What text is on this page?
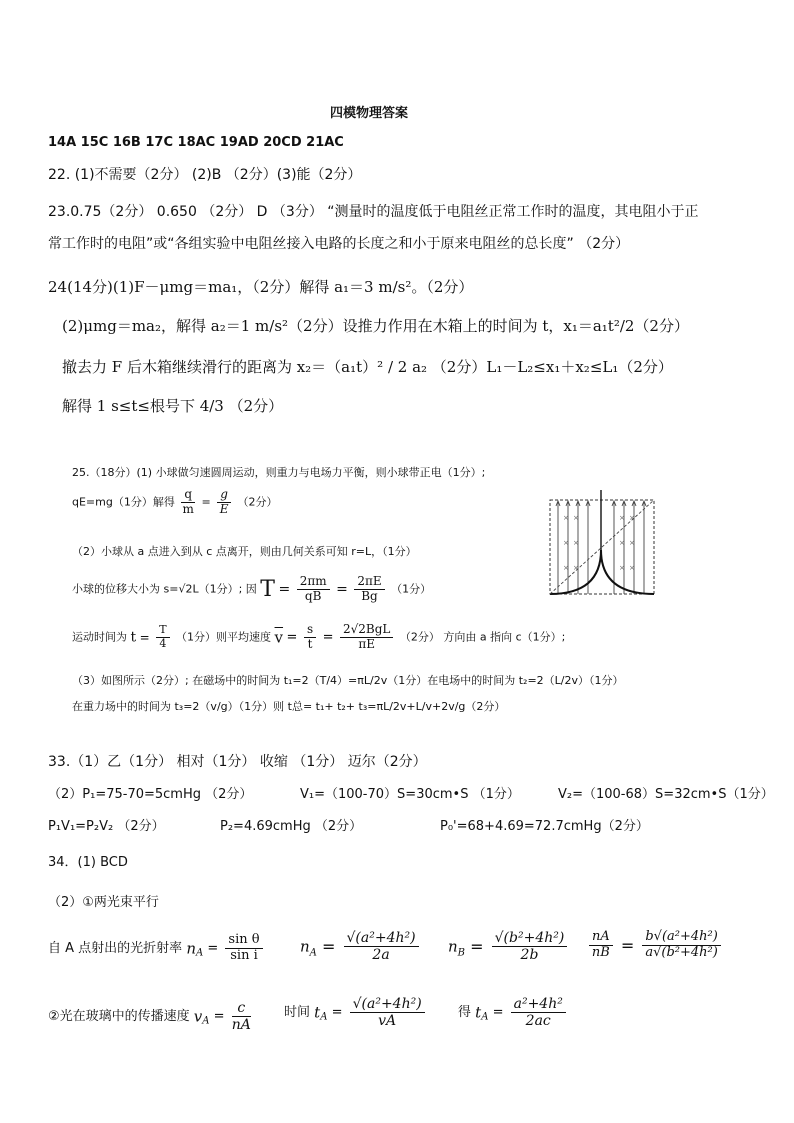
四模物理答案
14A 15C 16B 17C 18AC 19AD 20CD 21AC
22. (1)不需要（2分） (2)B （2分）(3)能（2分）
23.0.75（2分） 0.650 （2分） D （3分） “测量时的温度低于电阻丝正常工作时的温度，其电阻小于正
常工作时的电阻”或“各组实验中电阻丝接入电路的长度之和小于原来电阻丝的总长度” （2分）
24(14分)(1)F－μmg＝ma₁，（2分）解得 a₁＝3 m/s²。（2分）
(2)μmg＝ma₂，解得 a₂＝1 m/s²（2分）设推力作用在木箱上的时间为 t，x₁＝a₁t²/2（2分）
撤去力 F 后木箱继续滑行的距离为 x₂＝（a₁t）² / 2 a₂ （2分）L₁－L₂≤x₁＋x₂≤L₁（2分）
解得 1 s≤t≤根号下 4/3 （2分）
25.（18分）(1) 小球做匀速圆周运动，则重力与电场力平衡，则小球带正电（1分）;
qE=mg（1分）解得 $\frac{q}{m} = \frac{g}{E} (2$分）
（2）小球从 a 点进入到从 c 点离开，则由几何关系可知 r=L，（1分）
小球的位移大小为 s=√2L（1分）; 因 $T = \frac{2\pi m}{qB} = \frac{2\pi E}{Bg} (1$分）
运动时间为 $t = \frac{T}{4} (1$分）则平均速度 $\overline{v} = \frac{s}{t}$ =
2√2BgL
πE	（2分） 方向由 a 指向 c（1分）;
（3）如图所示（2分）; 在磁场中的时间为 t₁=2（T/4）=πL/2v（1分）在电场中的时间为 t₂=2（L/2v）（1分）
在重力场中的时间为 t₃=2（v/g）（1分）则 t总= t₁+ t₂+ t₃=πL/2v+L/v+2v/g（2分）
× ×	× ×
× ×	× ×
× ×	× ×
33.（1）乙（1分） 相对（1分） 收缩 （1分） 迈尔（2分）
（2）P₁=75-70=5cmHg （2分）	V₁=（100-70）S=30cm•S （1分）	V₂=（100-68）S=32cm•S（1分）
P₁V₁=P₂V₂ （2分）	P₂=4.69cmHg （2分）	P₀'=68+4.69=72.7cmHg（2分）
34．(1) BCD
（2）①两光束平行
自 A 点射出的光折射率 $n_A = \frac{\text{sin θ}}{\text{sin i}} n_A = \frac{\text{√(a²+4h²)}}{2a} n_B = \frac{\text{√(b²+4h²)}}{2b} \frac{nA}{nB} = \frac{\text{b√(a²+4h²)}}{\text{a√(b²+4h²)}}$
②光在玻璃中的传播速度 $v_A = \frac{c}{nA}$	时间 $t_A = \frac{\text{√(a²+4h²)}}{vA}$	得 $t_A = \frac{\text{a²+4h²}}{2ac}$
